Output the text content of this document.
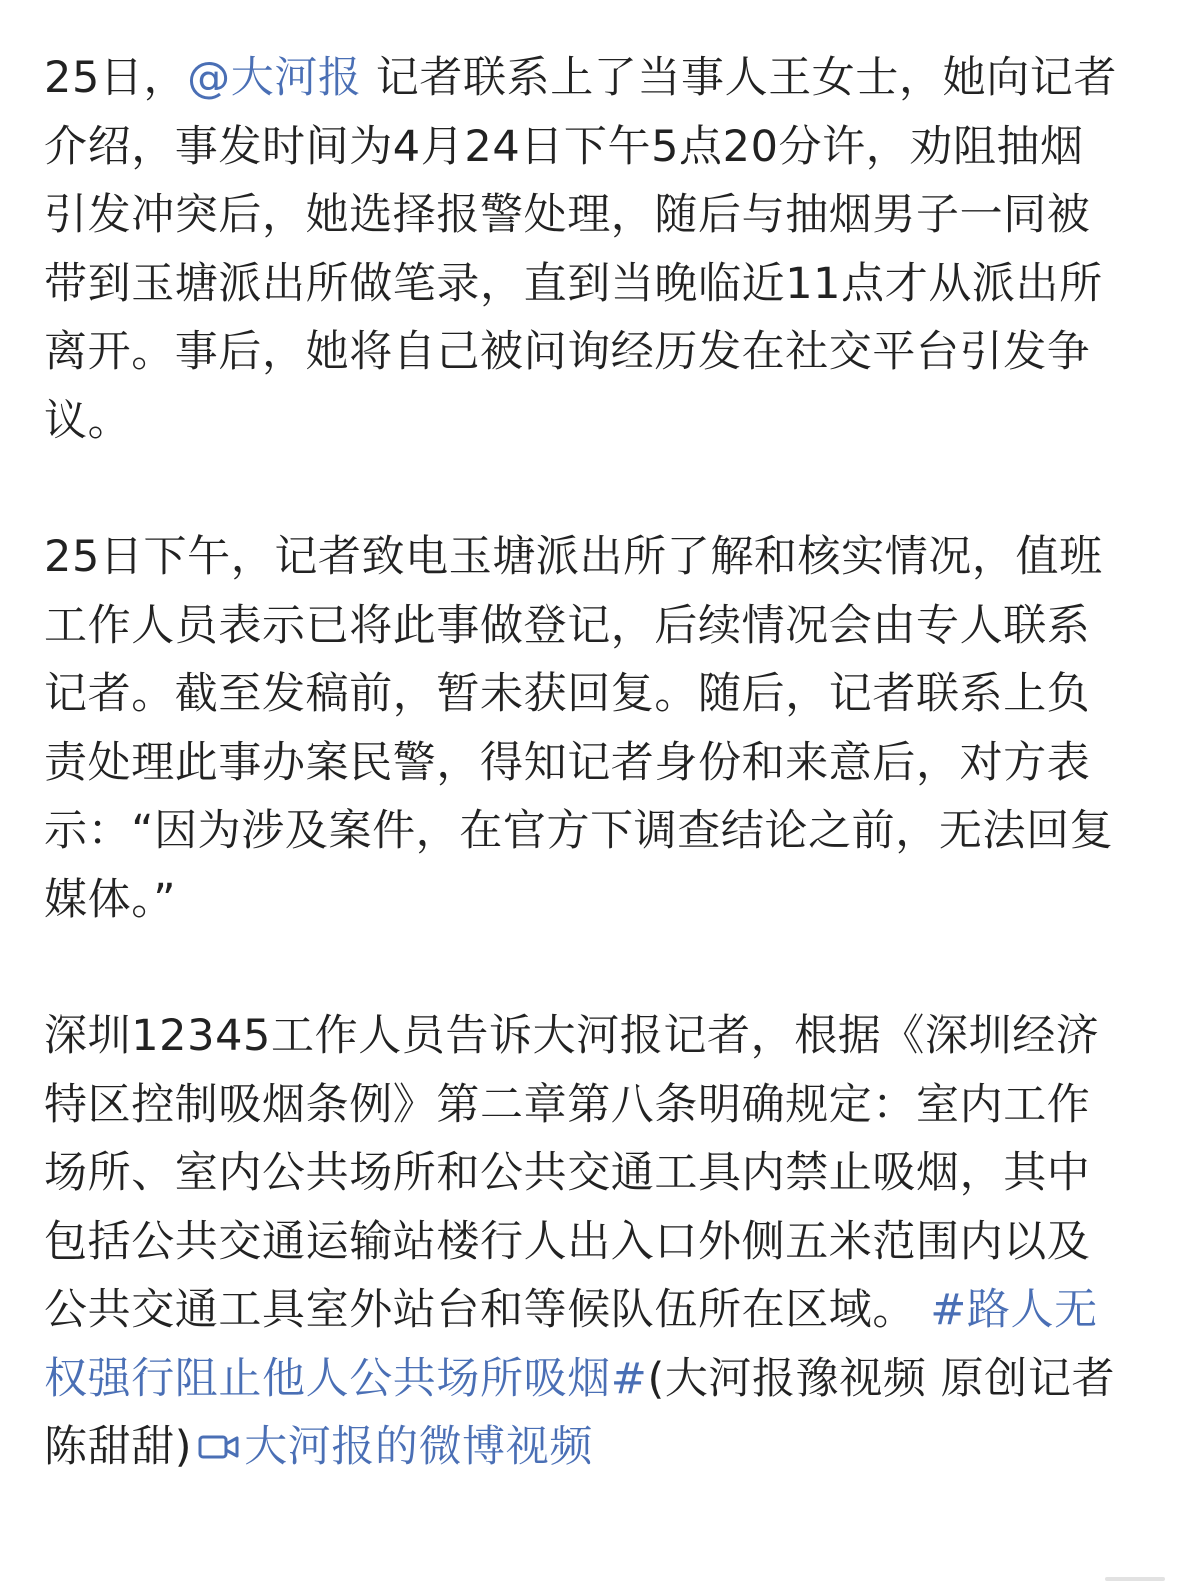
25日，@大河报 记者联系上了当事人王女士，她向记者介绍，事发时间为4月24日下午5点20分许，劝阻抽烟引发冲突后，她选择报警处理，随后与抽烟男子一同被带到玉塘派出所做笔录，直到当晚临近11点才从派出所离开。事后，她将自己被问询经历发在社交平台引发争议。

25日下午，记者致电玉塘派出所了解和核实情况，值班工作人员表示已将此事做登记，后续情况会由专人联系记者。截至发稿前，暂未获回复。随后，记者联系上负责处理此事办案民警，得知记者身份和来意后，对方表示：“因为涉及案件，在官方下调查结论之前，无法回复媒体。”

深圳12345工作人员告诉大河报记者，根据《深圳经济特区控制吸烟条例》第二章第八条明确规定：室内工作场所、室内公共场所和公共交通工具内禁止吸烟，其中包括公共交通运输站楼行人出入口外侧五米范围内以及公共交通工具室外站台和等候队伍所在区域。 #路人无权强行阻止他人公共场所吸烟#(大河报豫视频 原创记者陈甜甜) 大河报的微博视频
